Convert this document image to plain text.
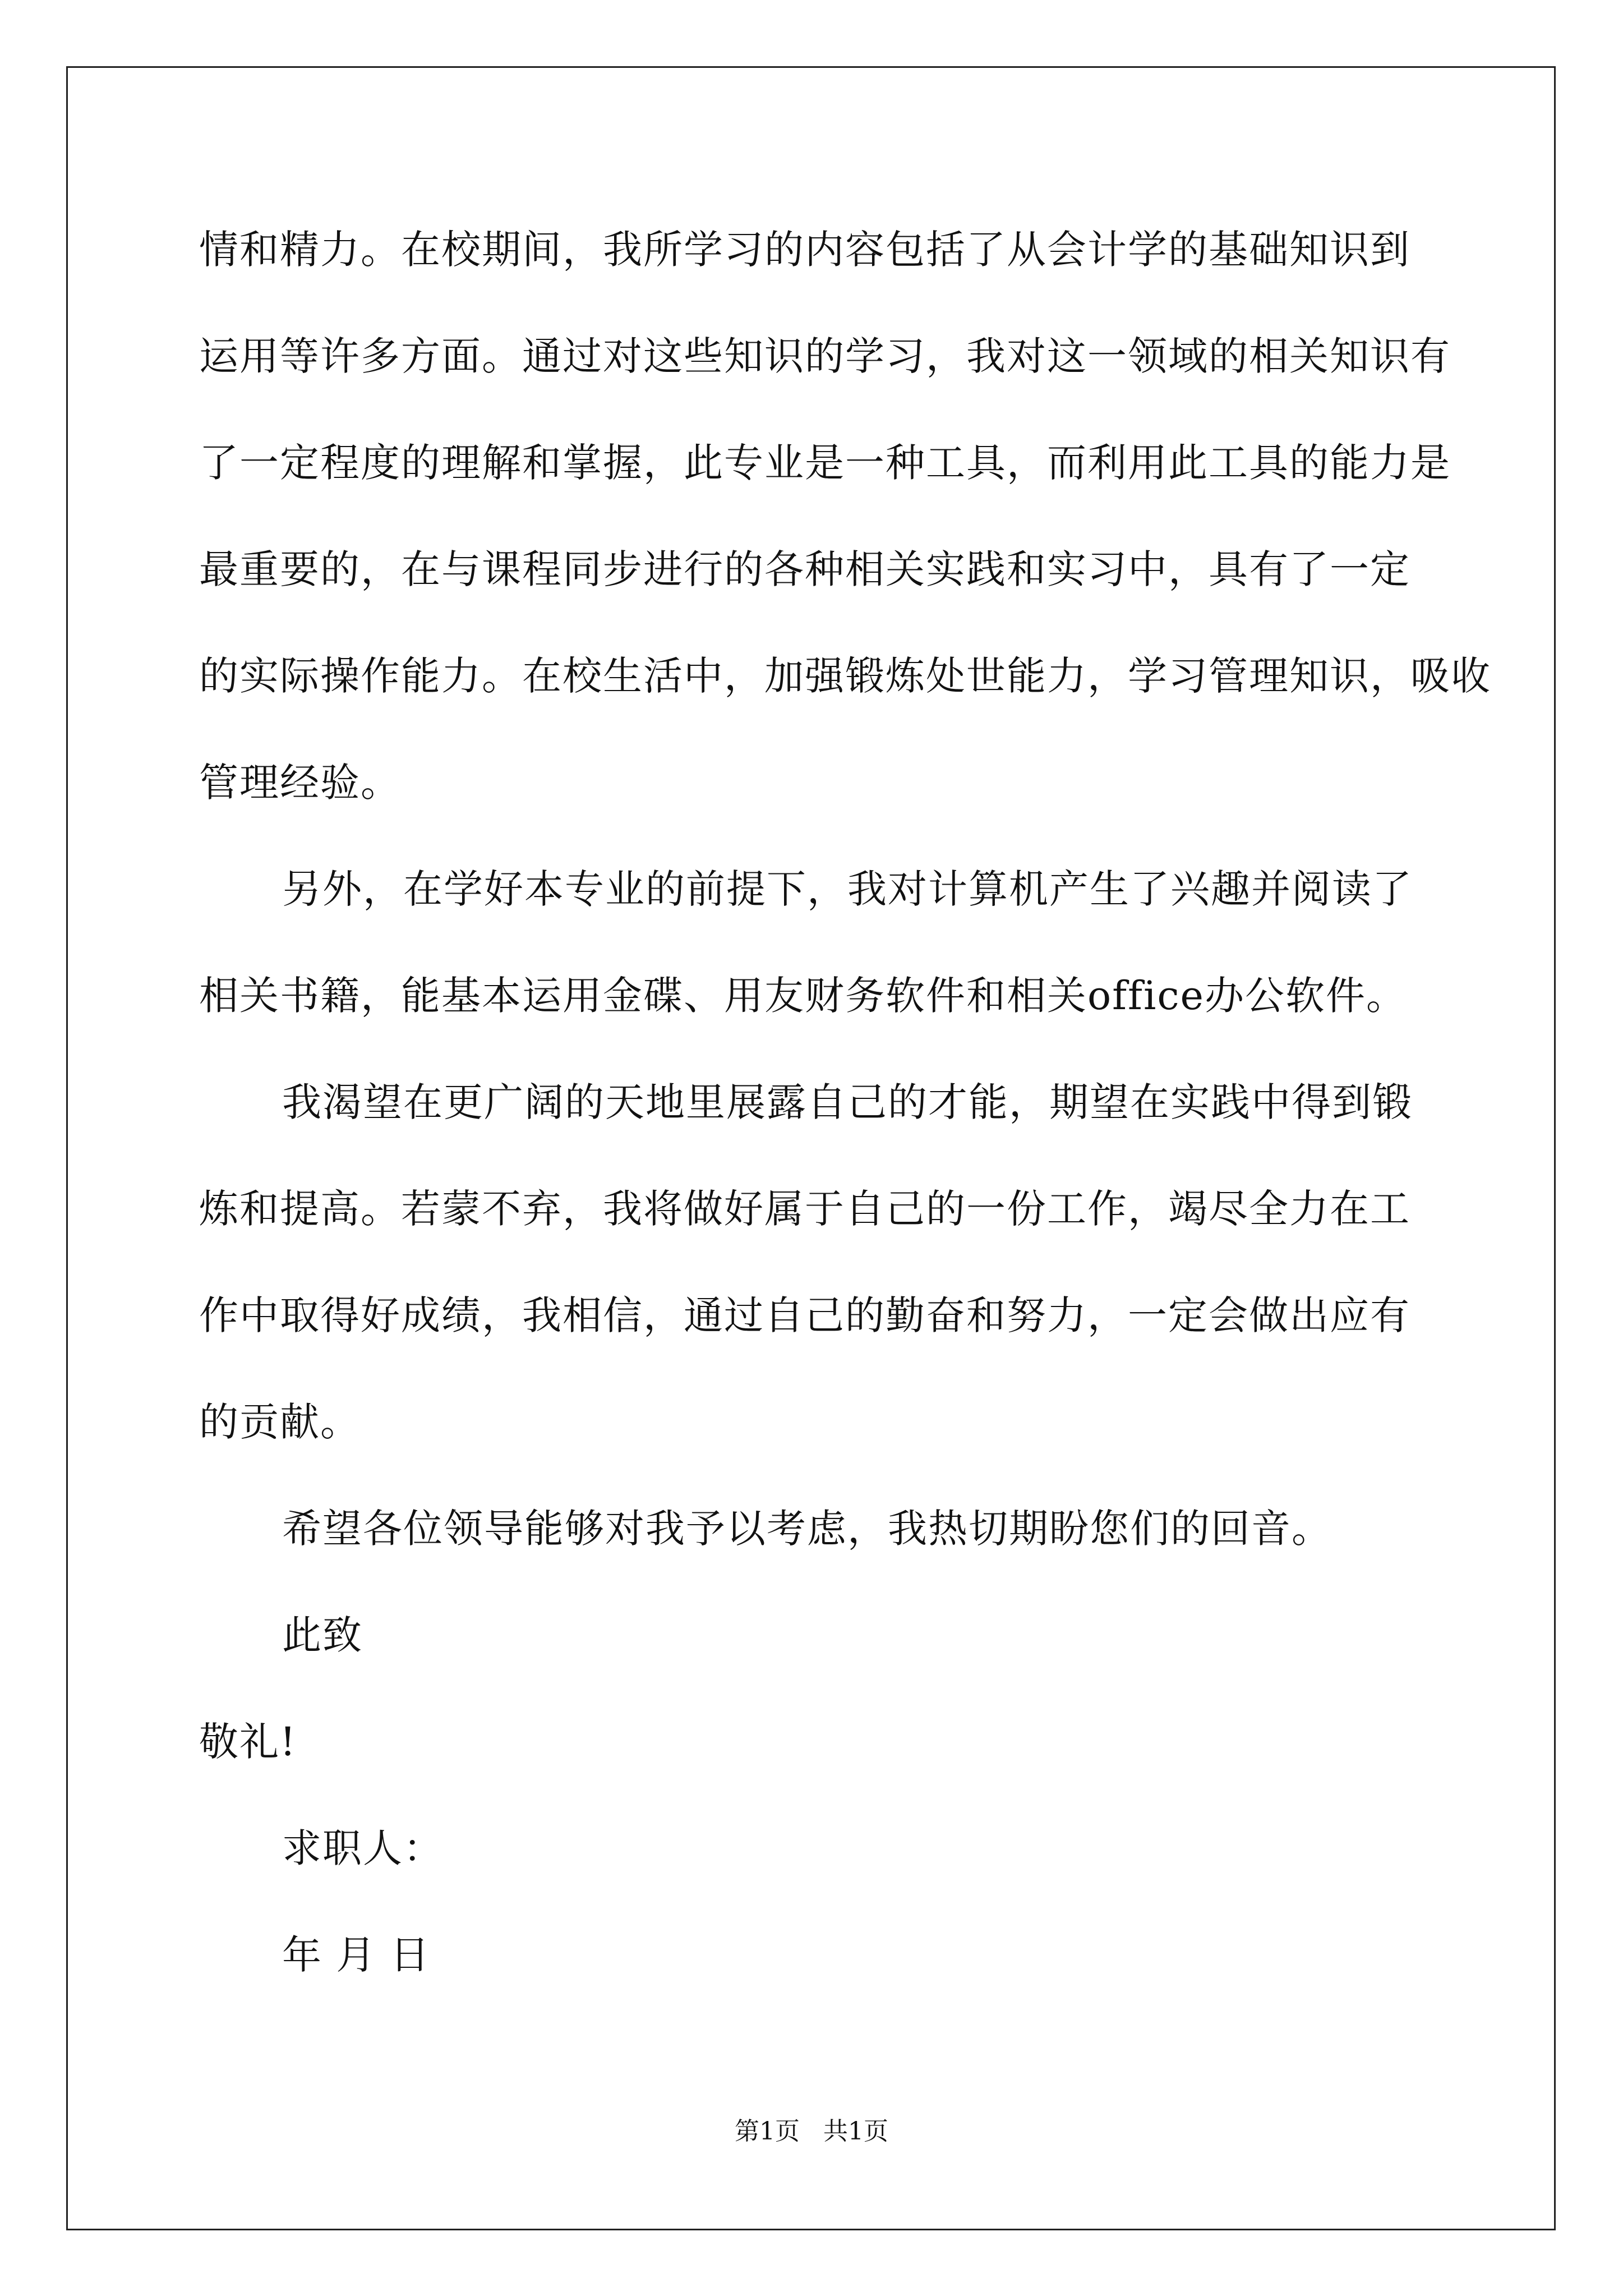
情和精力。在校期间，我所学习的内容包括了从会计学的基础知识到
运用等许多方面。通过对这些知识的学习，我对这一领域的相关知识有
了一定程度的理解和掌握，此专业是一种工具，而利用此工具的能力是
最重要的，在与课程同步进行的各种相关实践和实习中，具有了一定
的实际操作能力。在校生活中，加强锻炼处世能力，学习管理知识，吸收
管理经验。
另外，在学好本专业的前提下，我对计算机产生了兴趣并阅读了
相关书籍，能基本运用金碟、用友财务软件和相关office办公软件。
我渴望在更广阔的天地里展露自己的才能，期望在实践中得到锻
炼和提高。若蒙不弃，我将做好属于自己的一份工作，竭尽全力在工
作中取得好成绩，我相信，通过自己的勤奋和努力，一定会做出应有
的贡献。
希望各位领导能够对我予以考虑，我热切期盼您们的回音。
此致
敬礼!
求职人：
年 月 日
第1页   共1页
